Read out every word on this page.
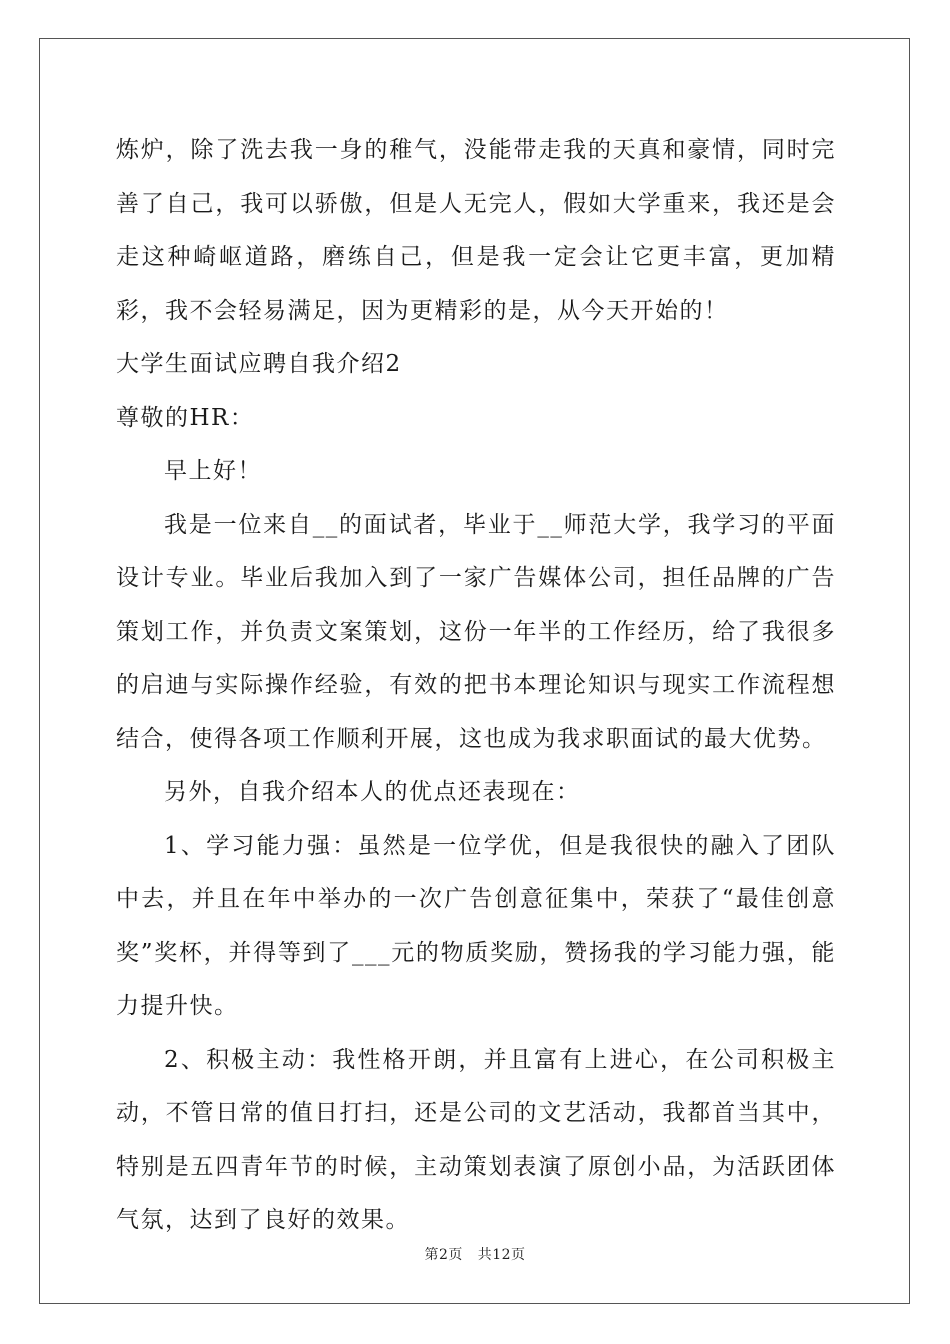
炼炉，除了洗去我一身的稚气，没能带走我的天真和豪情，同时完善了自己，我可以骄傲，但是人无完人，假如大学重来，我还是会走这种崎岖道路，磨练自己，但是我一定会让它更丰富，更加精彩，我不会轻易满足，因为更精彩的是，从今天开始的！

大学生面试应聘自我介绍2

尊敬的HR：

早上好！

我是一位来自__的面试者，毕业于__师范大学，我学习的平面设计专业。毕业后我加入到了一家广告媒体公司，担任品牌的广告策划工作，并负责文案策划，这份一年半的工作经历，给了我很多的启迪与实际操作经验，有效的把书本理论知识与现实工作流程想结合，使得各项工作顺利开展，这也成为我求职面试的最大优势。

另外，自我介绍本人的优点还表现在：

1、学习能力强：虽然是一位学优，但是我很快的融入了团队中去，并且在年中举办的一次广告创意征集中，荣获了“最佳创意奖”奖杯，并得等到了___元的物质奖励，赞扬我的学习能力强，能力提升快。

2、积极主动：我性格开朗，并且富有上进心，在公司积极主动，不管日常的值日打扫，还是公司的文艺活动，我都首当其中，特别是五四青年节的时候，主动策划表演了原创小品，为活跃团体气氛，达到了良好的效果。

第2页   共12页
